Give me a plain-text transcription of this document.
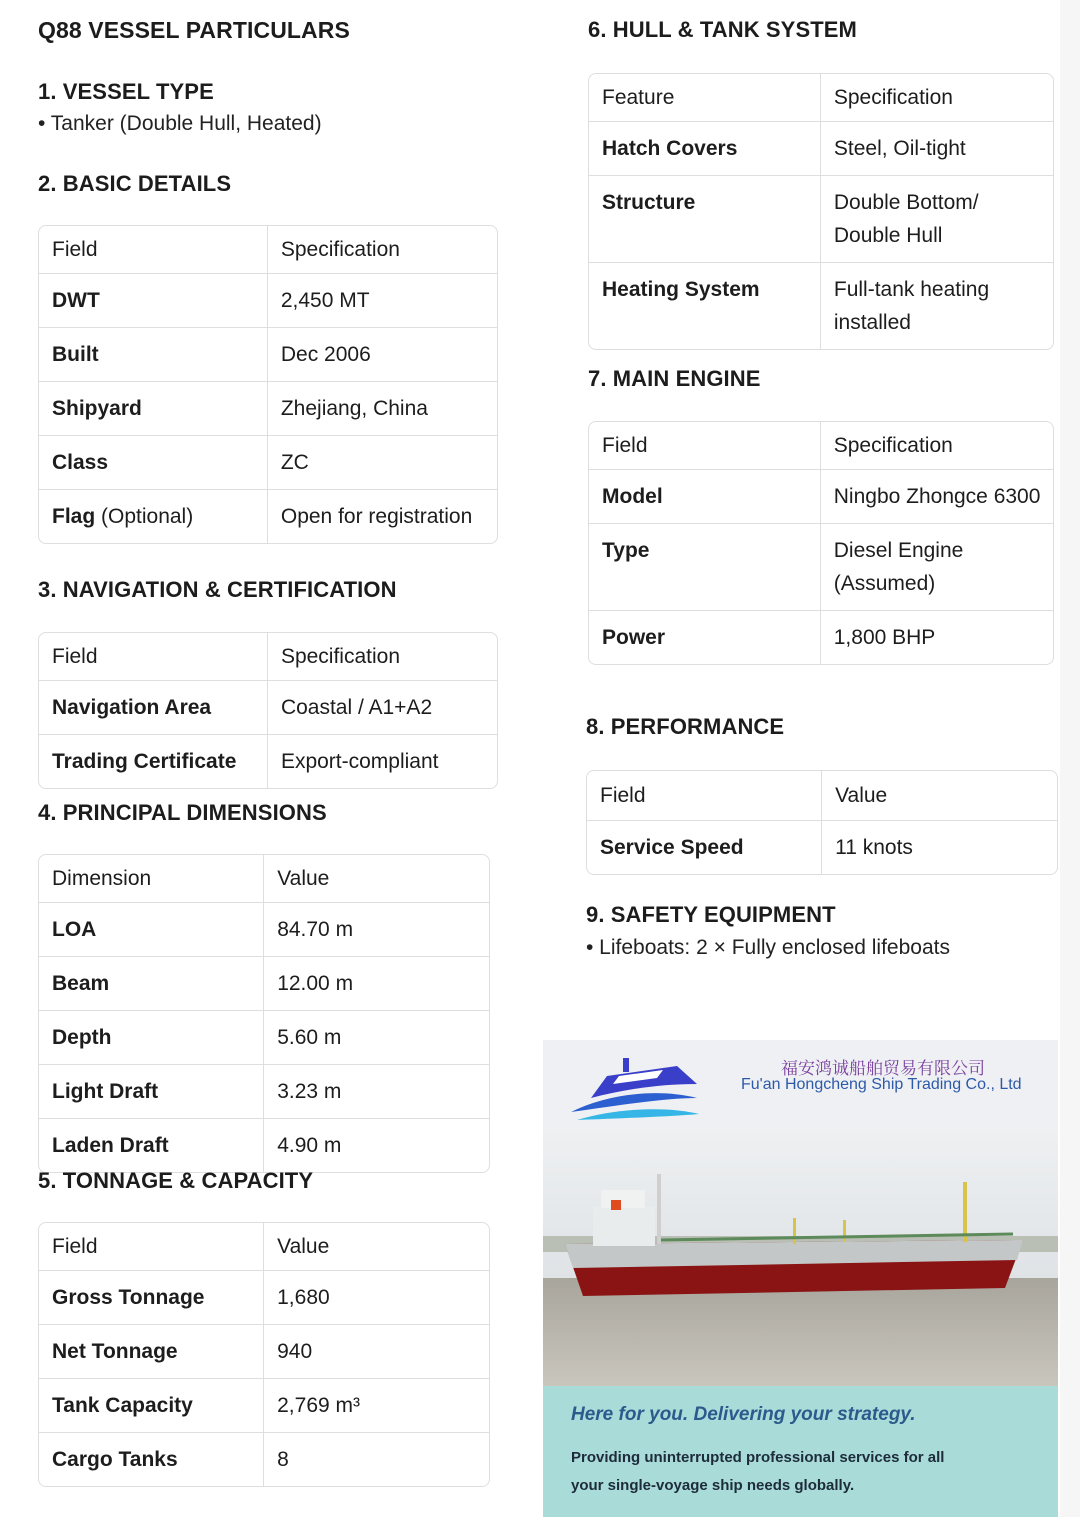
Q88 VESSEL PARTICULARS
1. VESSEL TYPE
• Tanker (Double Hull, Heated)
2. BASIC DETAILS
Field	Specification
DWT	2,450 MT
Built	Dec 2006
Shipyard	Zhejiang, China
Class	ZC
Flag (Optional)	Open for registration
3. NAVIGATION & CERTIFICATION
Field	Specification
Navigation Area	Coastal / A1+A2
Trading Certificate	Export-compliant
4. PRINCIPAL DIMENSIONS
Dimension	Value
LOA	84.70 m
Beam	12.00 m
Depth	5.60 m
Light Draft	3.23 m
Laden Draft	4.90 m
5. TONNAGE & CAPACITY
Field	Value
Gross Tonnage	1,680
Net Tonnage	940
Tank Capacity	2,769 m³
Cargo Tanks	8
6. HULL & TANK SYSTEM
Feature	Specification
Hatch Covers	Steel, Oil-tight
Structure	Double Bottom/ Double Hull
Heating System	Full-tank heating installed
7. MAIN ENGINE
Field	Specification
Model	Ningbo Zhongce 6300
Type	Diesel Engine (Assumed)
Power	1,800 BHP
8. PERFORMANCE
Field	Value
Service Speed	11 knots
9. SAFETY EQUIPMENT
• Lifeboats: 2 × Fully enclosed lifeboats
福安鸿诚船舶贸易有限公司
Fu'an Hongcheng Ship Trading Co., Ltd
Here for you. Delivering your strategy.
Providing uninterrupted professional services for all your single-voyage ship needs globally.
